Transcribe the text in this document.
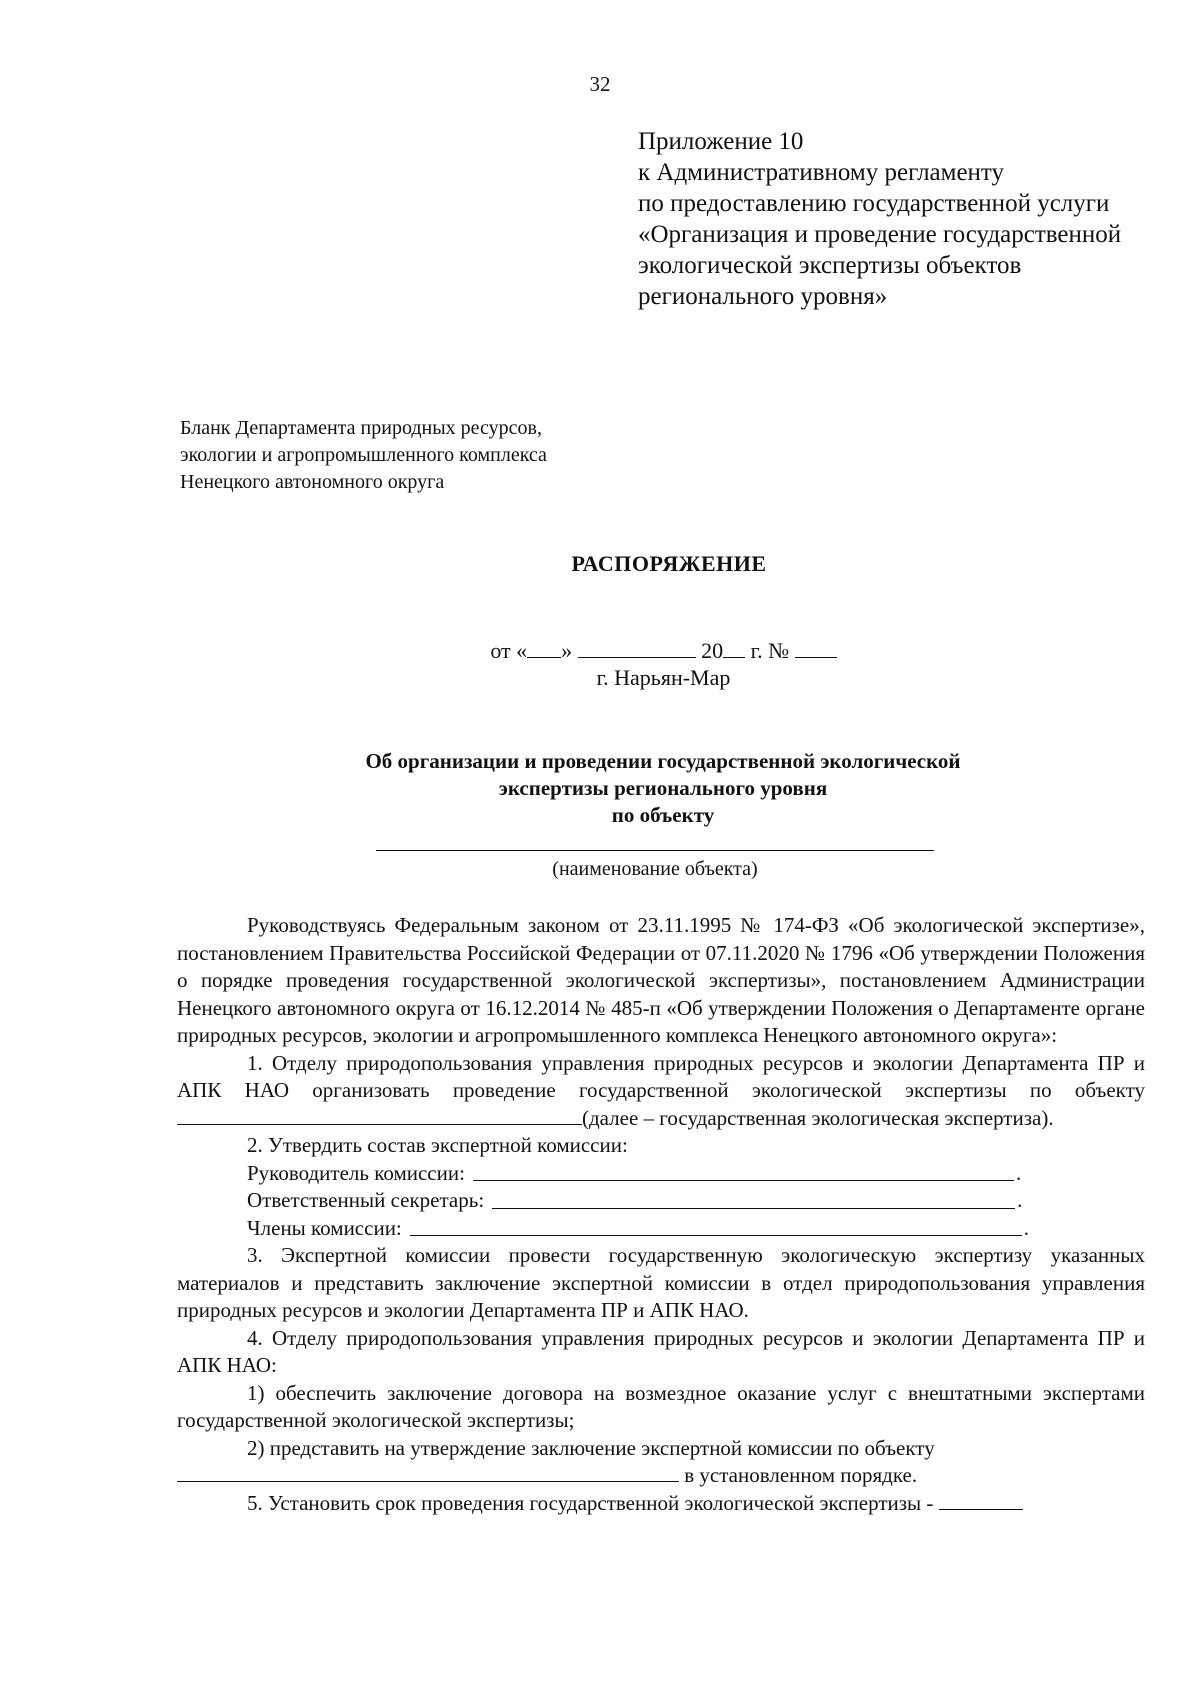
32
Приложение 10
к Административному регламенту
по предоставлению государственной услуги
«Организация и проведение государственной
экологической экспертизы объектов
регионального уровня»
Бланк Департамента природных ресурсов,
экологии и агропромышленного комплекса
Ненецкого автономного округа
РАСПОРЯЖЕНИЕ
от « »	20 г. №
г. Нарьян-Мар
Об организации и проведении государственной экологической
экспертизы регионального уровня
по объекту
(наименование объекта)

Руководствуясь Федеральным законом от 23.11.1995 № 174-ФЗ «Об экологической экспертизе», постановлением Правительства Российской Федерации от 07.11.2020 № 1796 «Об утверждении Положения о порядке проведения государственной экологической экспертизы», постановлением Администрации Ненецкого автономного округа от 16.12.2014 № 485-п «Об утверждении Положения о Департаменте органе природных ресурсов, экологии и агропромышленного комплекса Ненецкого автономного округа»:

1. Отделу природопользования управления природных ресурсов и экологии Департамента ПР и АПК НАО организовать проведение государственной экологической экспертизы по объекту (далее – государственная экологическая экспертиза).

2. Утвердить состав экспертной комиссии:

Руководитель комиссии:	.
Ответственный секретарь:	.
Члены комиссии:	.

3. Экспертной комиссии провести государственную экологическую экспертизу указанных материалов и представить заключение экспертной комиссии в отдел природопользования управления природных ресурсов и экологии Департамента ПР и АПК НАО.

4. Отделу природопользования управления природных ресурсов и экологии Департамента ПР и АПК НАО:

1) обеспечить заключение договора на возмездное оказание услуг с внештатными экспертами государственной экологической экспертизы;

2) представить на утверждение заключение экспертной комиссии по объекту

в установленном порядке.

5. Установить срок проведения государственной экологической экспертизы -
